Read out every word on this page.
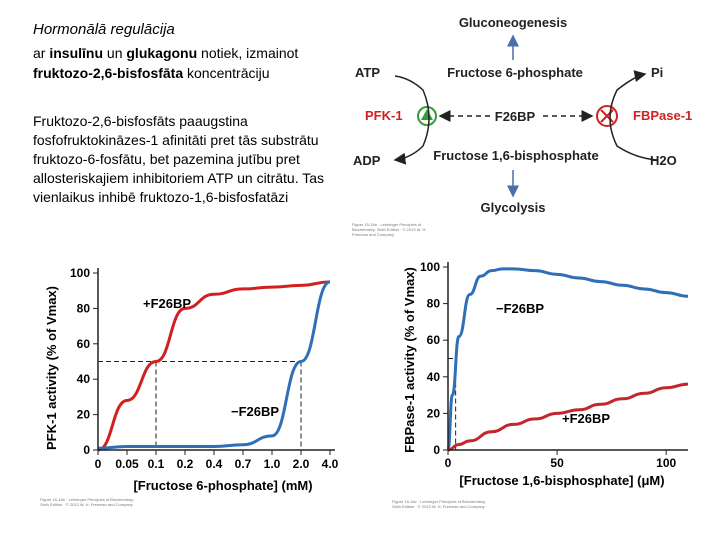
Hormonālā regulācija
ar insulīnu un glukagonu notiek, izmainot
fruktozo-2,6-bisfosfāta koncentrāciju
Fruktozo-2,6-bisfosfāts paaugstina fosfofruktokināzes-1 afinitāti pret tās substrātu fruktozo-6-fosfātu, bet pazemina jutību pret allosteriskajiem inhibitoriem ATP un citrātu. Tas vienlaikus inhibē fruktozo-1,6-bisfosfatāzi
Gluconeogenesis
ATP	Fructose 6-phosphate	Pi
PFK-1	F26BP	FBPase-1
ADP	Fructose 1,6-bisphosphate	H2O
Glycolysis
Figure 15-16a · Lehninger Principles of Biochemistry, Sixth Edition · © 2013 W. H. Freeman and Company
0
20
40
60
80
100
0 0.05 0.1 0.2 0.4 0.7 1.0 2.0 4.0
PFK-1 activity (% of Vmax)
[Fructose 6-phosphate] (mM)
+F26BP
−F26BP
Figure 15-16b · Lehninger Principles of Biochemistry, Sixth Edition · © 2013 W. H. Freeman and Company
0
20
40
60
80
100
0	50	100
FBPase-1 activity (% of Vmax)
[Fructose 1,6-bisphosphate] (μM)
−F26BP
+F26BP
Figure 15-16c · Lehninger Principles of Biochemistry, Sixth Edition · © 2013 W. H. Freeman and Company
